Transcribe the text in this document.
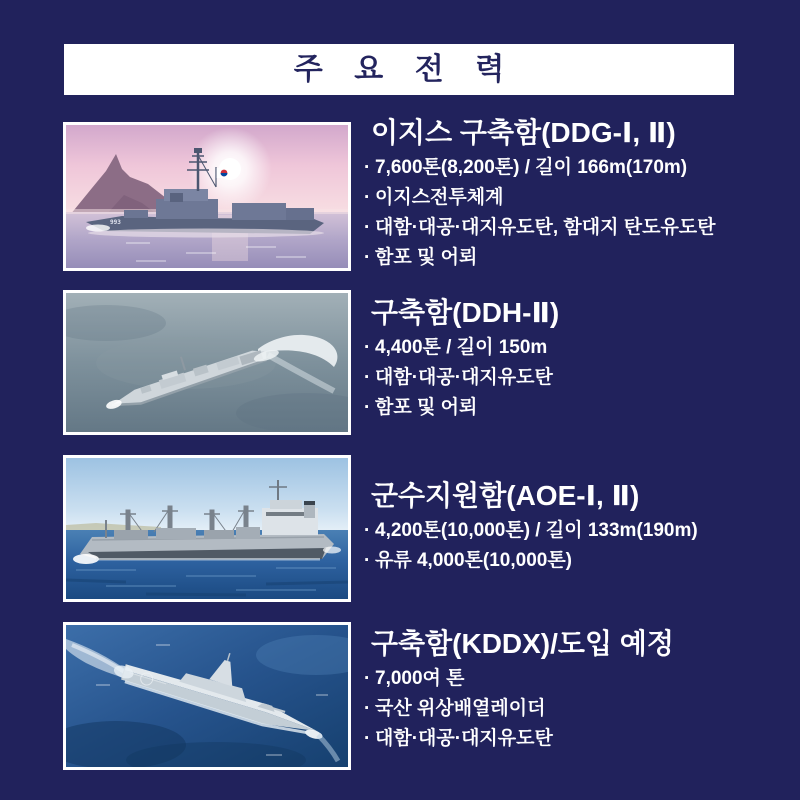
주요전력
993
이지스 구축함(DDG-Ⅰ, Ⅱ)
· 7,600톤(8,200톤) / 길이 166m(170m)
· 이지스전투체계
· 대함·대공·대지유도탄, 함대지 탄도유도탄
· 함포 및 어뢰
구축함(DDH-Ⅱ)
· 4,400톤 / 길이 150m
· 대함·대공·대지유도탄
· 함포 및 어뢰
군수지원함(AOE-Ⅰ, Ⅱ)
· 4,200톤(10,000톤) / 길이 133m(190m)
· 유류 4,000톤(10,000톤)
구축함(KDDX)/도입 예정
· 7,000여 톤
· 국산 위상배열레이더
· 대함·대공·대지유도탄
